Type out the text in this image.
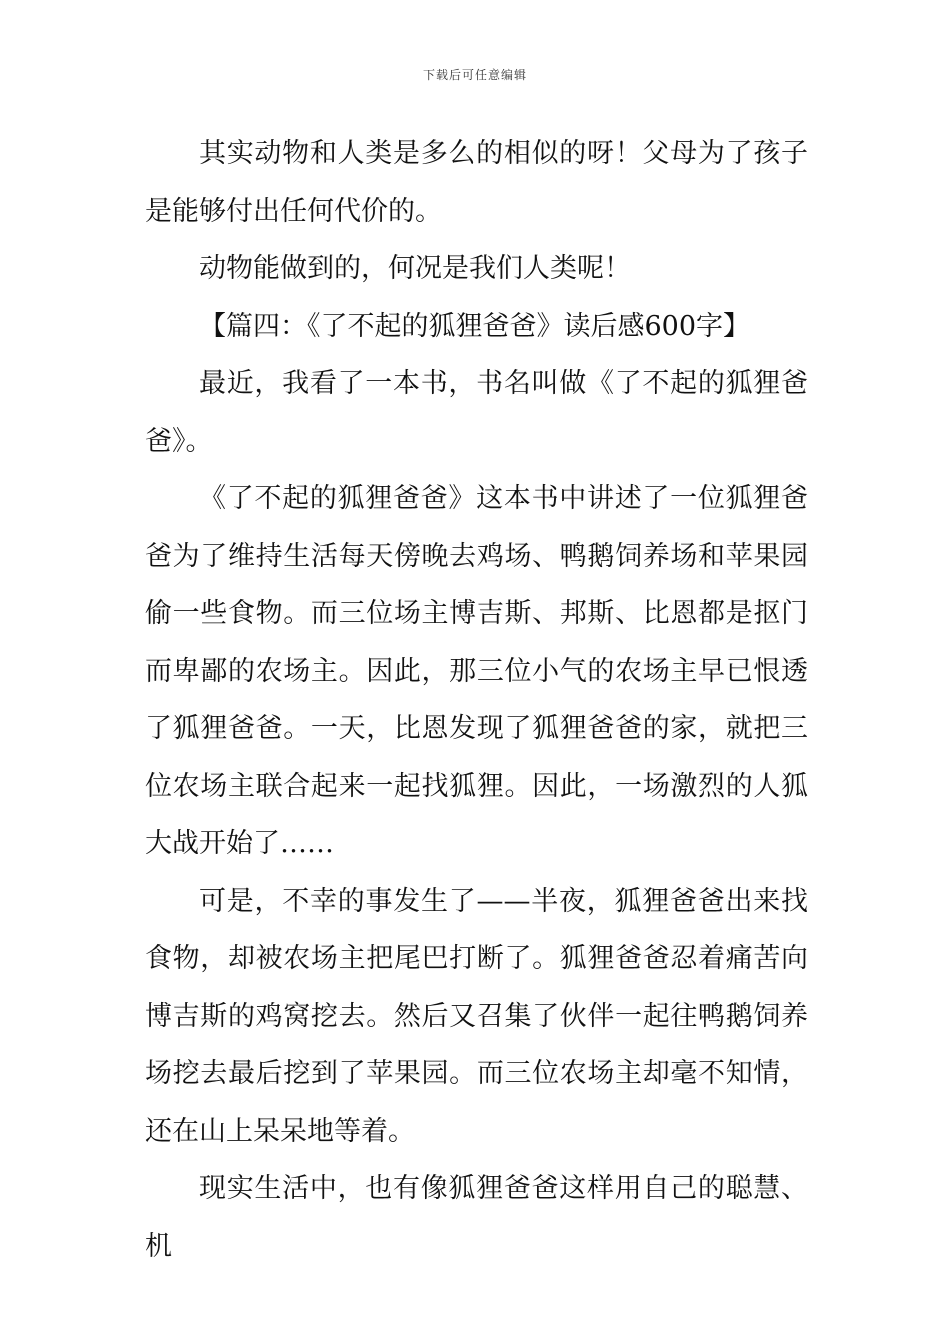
下载后可任意编辑

其实动物和人类是多么的相似的呀！父母为了孩子是能够付出任何代价的。

动物能做到的，何况是我们人类呢！

【篇四：《了不起的狐狸爸爸》读后感600字】

最近，我看了一本书，书名叫做《了不起的狐狸爸爸》。

《了不起的狐狸爸爸》这本书中讲述了一位狐狸爸爸为了维持生活每天傍晚去鸡场、鸭鹅饲养场和苹果园偷一些食物。而三位场主博吉斯、邦斯、比恩都是抠门而卑鄙的农场主。因此，那三位小气的农场主早已恨透了狐狸爸爸。一天，比恩发现了狐狸爸爸的家，就把三位农场主联合起来一起找狐狸。因此，一场激烈的人狐大战开始了……

可是，不幸的事发生了——半夜，狐狸爸爸出来找食物，却被农场主把尾巴打断了。狐狸爸爸忍着痛苦向博吉斯的鸡窝挖去。然后又召集了伙伴一起往鸭鹅饲养场挖去最后挖到了苹果园。而三位农场主却毫不知情，还在山上呆呆地等着。

现实生活中，也有像狐狸爸爸这样用自己的聪慧、机
